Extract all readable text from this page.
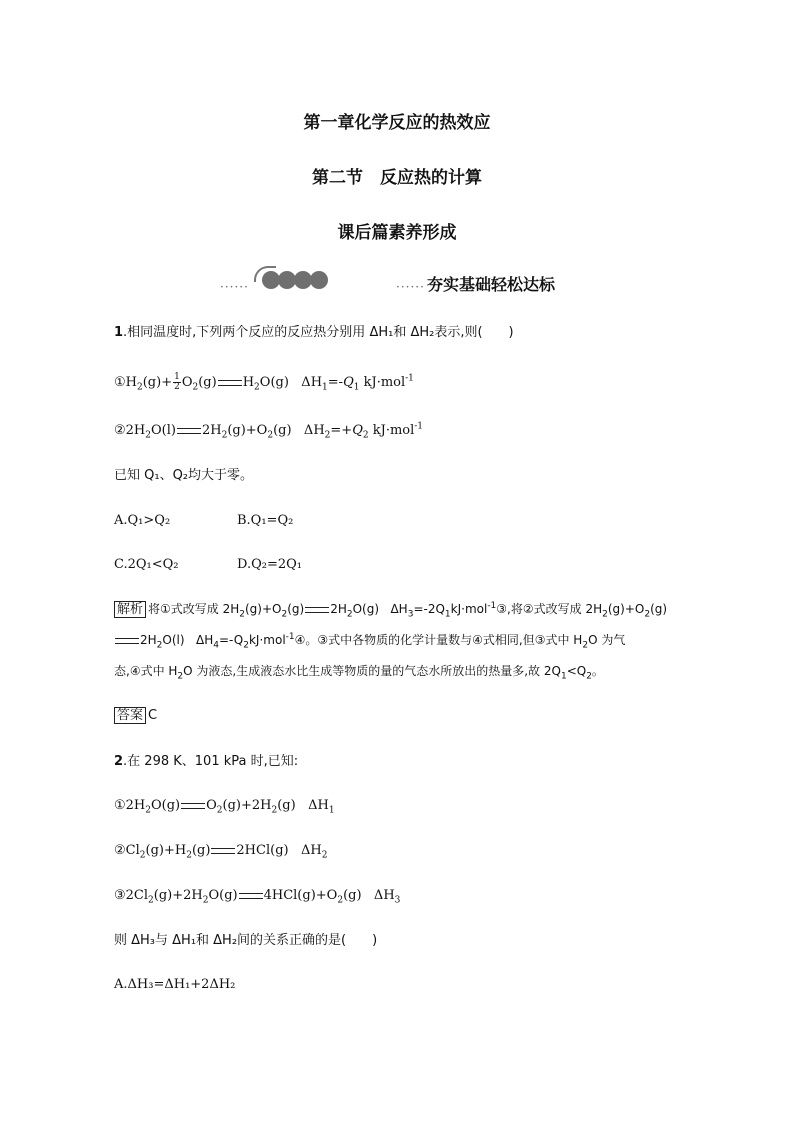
第一章化学反应的热效应
第二节　反应热的计算
课后篇素养形成
······	······ 夯实基础轻松达标
1.相同温度时,下列两个反应的反应热分别用 ΔH₁和 ΔH₂表示,则(　　)
$①H_2(g)+ \frac{1}{2} O_2(g)$ $H_2O(g)$   $\Delta H_1=-Q_1$ kJ·mol$^{-1}$
$②2H_2O(l)$ $2H_2(g)+O_2(g)$   $\Delta H_2=+Q_2$ kJ·mol$^{-1}$
已知 Q₁、Q₂均大于零。
A.Q₁>Q₂	B.Q₁=Q₂
C.2Q₁<Q₂	D.Q₂=2Q₁
解析 将①式改写成 $2H_2(g)+O_2(g)$ $2H_2O(g)$   $\Delta H_3=-2Q_1kJ\cdot mol^{-1}③$,将②式改写成 $2H_2(g)+O_2(g)$
$2H_2O(l)$   $\Delta H_4=-Q_2kJ\cdot mol^{-1}④$。③式中各物质的化学计量数与④式相同,但③式中 $H_2O$ 为气
态,④式中 $H_2O$ 为液态,生成液态水比生成等物质的量的气态水所放出的热量多,故 $2Q_1<Q_2$。
答案 C
2.在 298 K、101 kPa 时,已知:
$①2H_2O(g)$ $O_2(g)+2H_2(g)$   $\Delta H_1$
$②Cl_2(g)+H_2(g)$ 2HCl(g)   $\Delta H_2$
$③2Cl_2(g)+2H_2O(g)$ $4HCl(g)+O_2(g)$   $\Delta H_3$
则 ΔH₃与 ΔH₁和 ΔH₂间的关系正确的是(　　)
A.ΔH₃=ΔH₁+2ΔH₂
